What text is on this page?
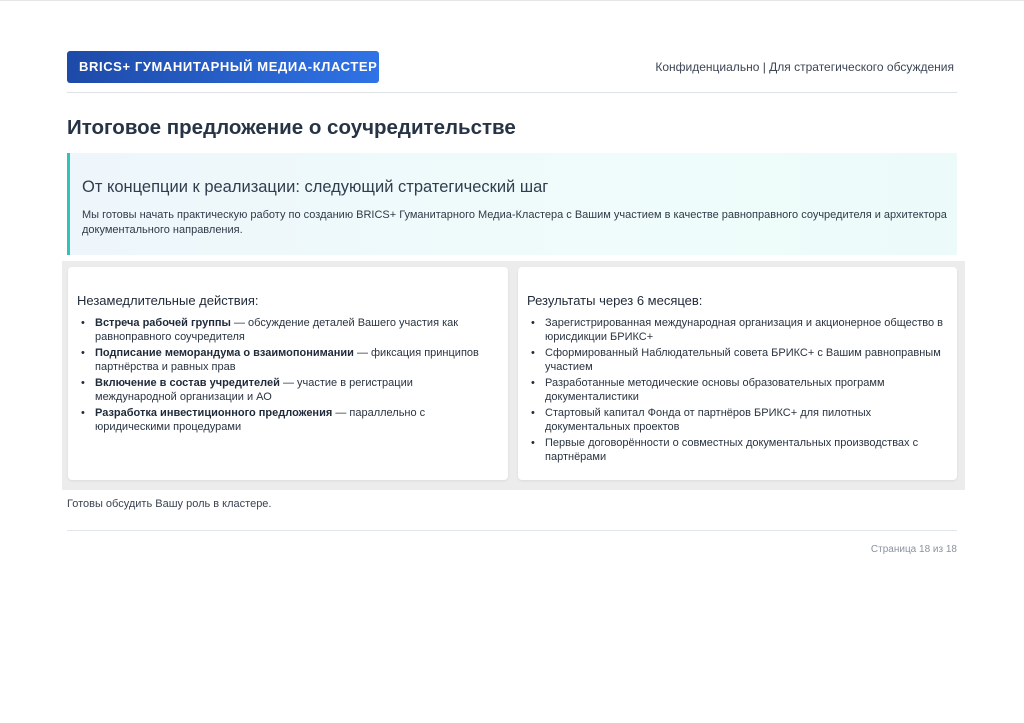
BRICS+ ГУМАНИТАРНЫЙ МЕДИА-КЛАСТЕР	Конфиденциально | Для стратегического обсуждения
Итоговое предложение о соучредительстве
От концепции к реализации: следующий стратегический шаг
Мы готовы начать практическую работу по созданию BRICS+ Гуманитарного Медиа-Кластера с Вашим участием в качестве равноправного соучредителя и архитектора документального направления.
Незамедлительные действия:
• Встреча рабочей группы — обсуждение деталей Вашего участия как равноправного соучредителя
• Подписание меморандума о взаимопонимании — фиксация принципов партнёрства и равных прав
• Включение в состав учредителей — участие в регистрации международной организации и АО
• Разработка инвестиционного предложения — параллельно с юридическими процедурами
Результаты через 6 месяцев:
• Зарегистрированная международная организация и акционерное общество в юрисдикции БРИКС+
• Сформированный Наблюдательный совета БРИКС+ с Вашим равноправным участием
• Разработанные методические основы образовательных программ документалистики
• Стартовый капитал Фонда от партнёров БРИКС+ для пилотных документальных проектов
• Первые договорённости о совместных документальных производствах с партнёрами
Готовы обсудить Вашу роль в кластере.
Страница 18 из 18
